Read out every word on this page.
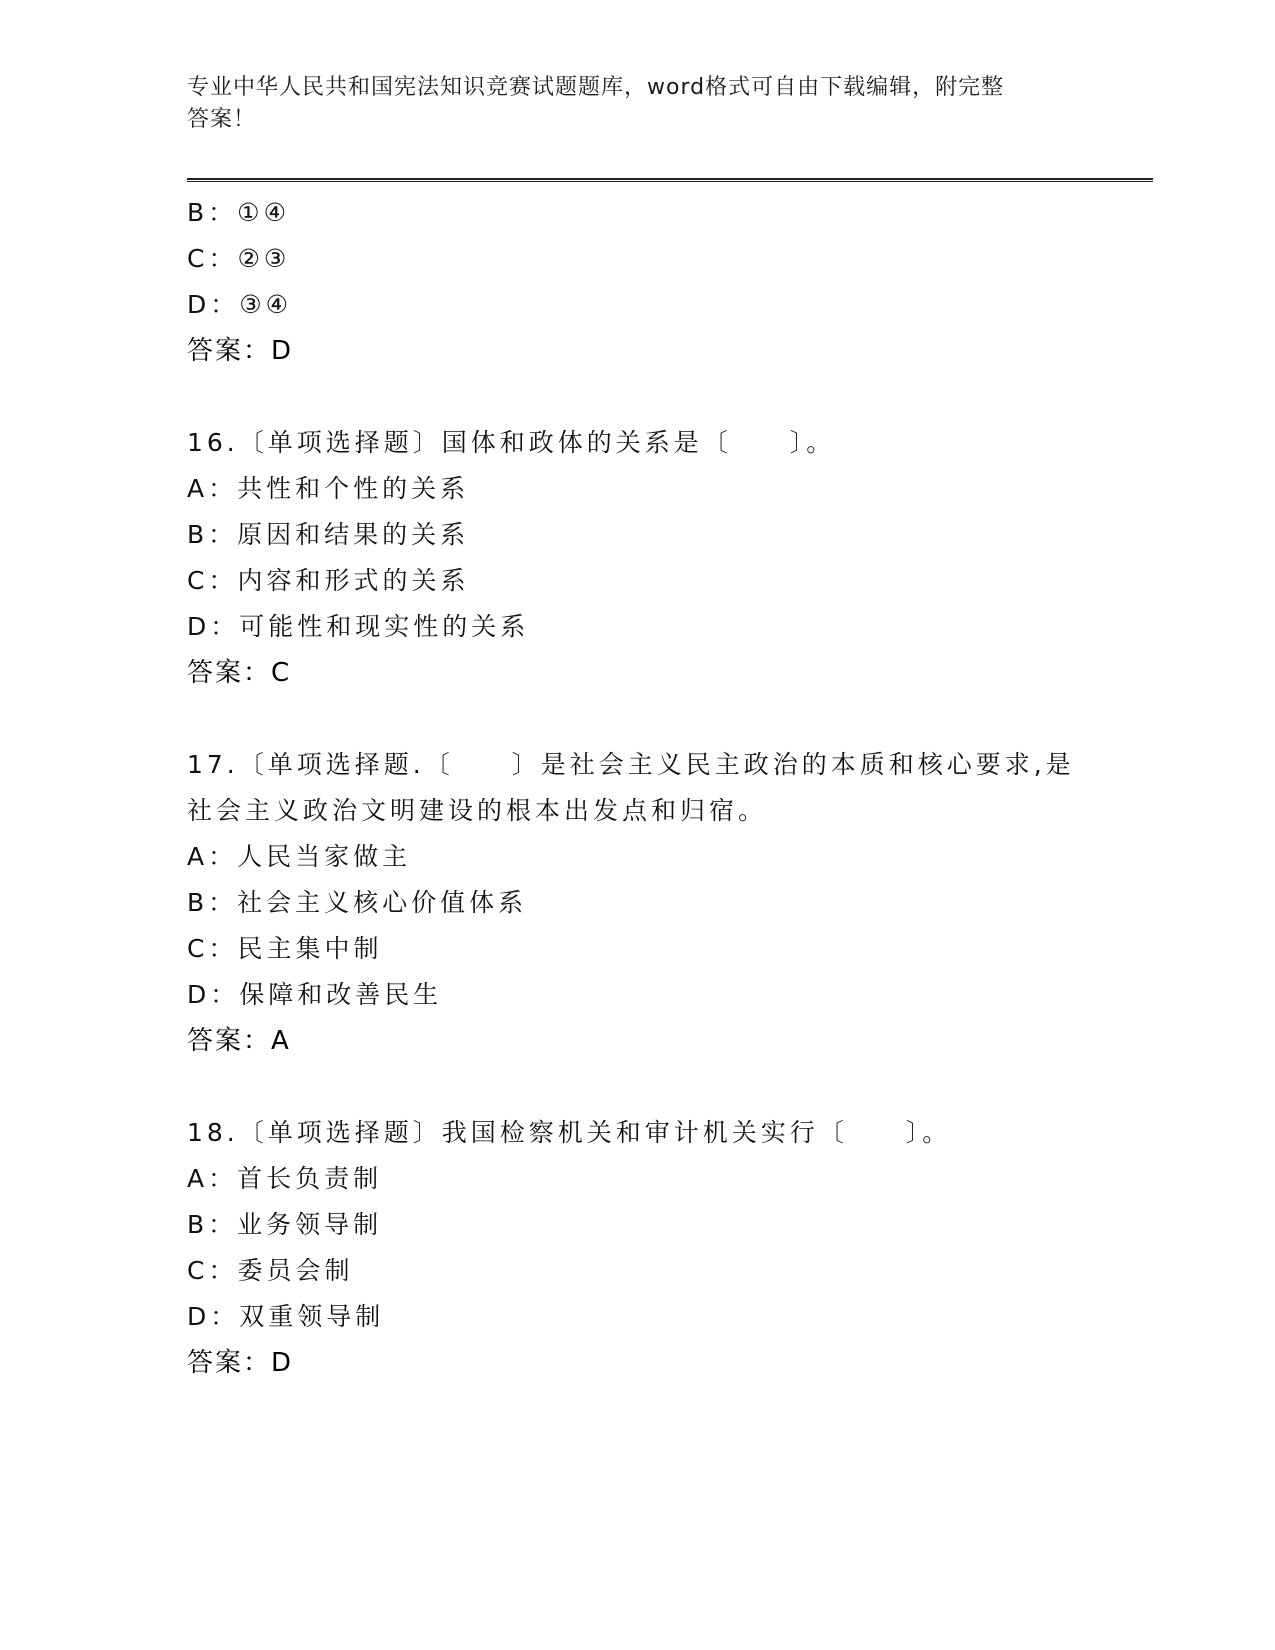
专业中华人民共和国宪法知识竞赛试题题库，word格式可自由下载编辑，附完整
答案！
B：①④
C：②③
D：③④
答案：D
16.〔单项选择题〕国体和政体的关系是〔　　〕。
A：共性和个性的关系
B：原因和结果的关系
C：内容和形式的关系
D：可能性和现实性的关系
答案：C
17.〔单项选择题.〔　　〕是社会主义民主政治的本质和核心要求,是
社会主义政治文明建设的根本出发点和归宿。
A：人民当家做主
B：社会主义核心价值体系
C：民主集中制
D：保障和改善民生
答案：A
18.〔单项选择题〕我国检察机关和审计机关实行〔　　〕。
A：首长负责制
B：业务领导制
C：委员会制
D：双重领导制
答案：D
